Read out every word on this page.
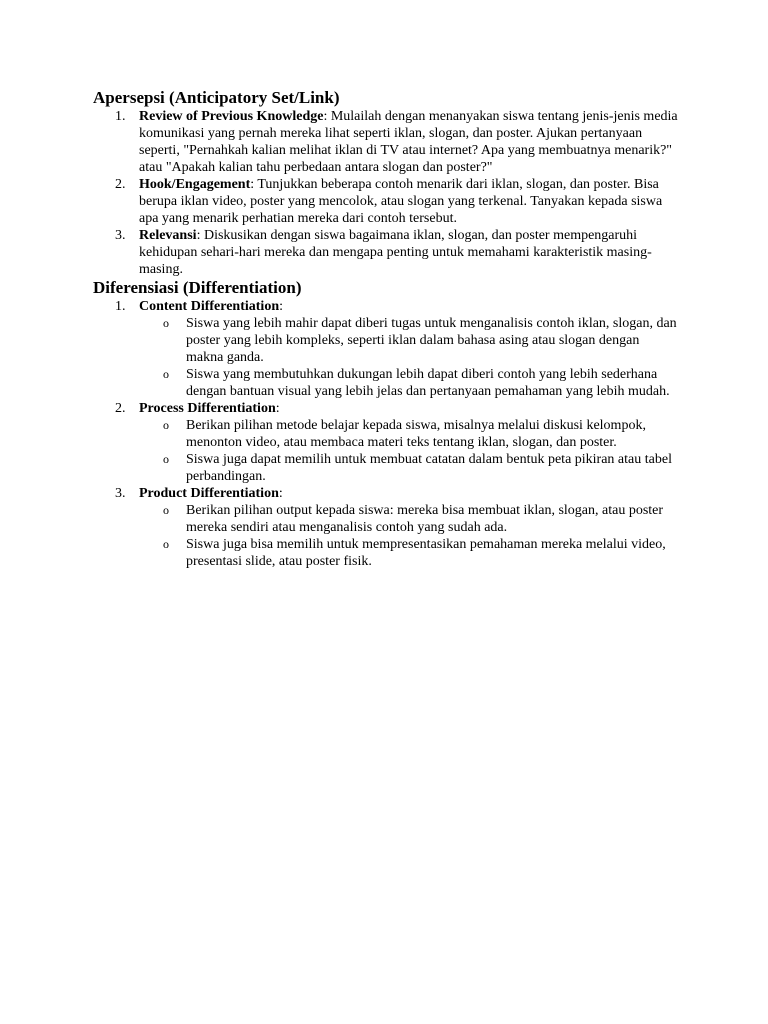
Apersepsi (Anticipatory Set/Link)
1. Review of Previous Knowledge: Mulailah dengan menanyakan siswa tentang jenis-jenis media komunikasi yang pernah mereka lihat seperti iklan, slogan, dan poster. Ajukan pertanyaan seperti, "Pernahkah kalian melihat iklan di TV atau internet? Apa yang membuatnya menarik?" atau "Apakah kalian tahu perbedaan antara slogan dan poster?"
2. Hook/Engagement: Tunjukkan beberapa contoh menarik dari iklan, slogan, dan poster. Bisa berupa iklan video, poster yang mencolok, atau slogan yang terkenal. Tanyakan kepada siswa apa yang menarik perhatian mereka dari contoh tersebut.
3. Relevansi: Diskusikan dengan siswa bagaimana iklan, slogan, dan poster mempengaruhi kehidupan sehari-hari mereka dan mengapa penting untuk memahami karakteristik masing-masing.
Diferensiasi (Differentiation)
1. Content Differentiation:
o Siswa yang lebih mahir dapat diberi tugas untuk menganalisis contoh iklan, slogan, dan poster yang lebih kompleks, seperti iklan dalam bahasa asing atau slogan dengan makna ganda.
o Siswa yang membutuhkan dukungan lebih dapat diberi contoh yang lebih sederhana dengan bantuan visual yang lebih jelas dan pertanyaan pemahaman yang lebih mudah.
2. Process Differentiation:
o Berikan pilihan metode belajar kepada siswa, misalnya melalui diskusi kelompok, menonton video, atau membaca materi teks tentang iklan, slogan, dan poster.
o Siswa juga dapat memilih untuk membuat catatan dalam bentuk peta pikiran atau tabel perbandingan.
3. Product Differentiation:
o Berikan pilihan output kepada siswa: mereka bisa membuat iklan, slogan, atau poster mereka sendiri atau menganalisis contoh yang sudah ada.
o Siswa juga bisa memilih untuk mempresentasikan pemahaman mereka melalui video, presentasi slide, atau poster fisik.
